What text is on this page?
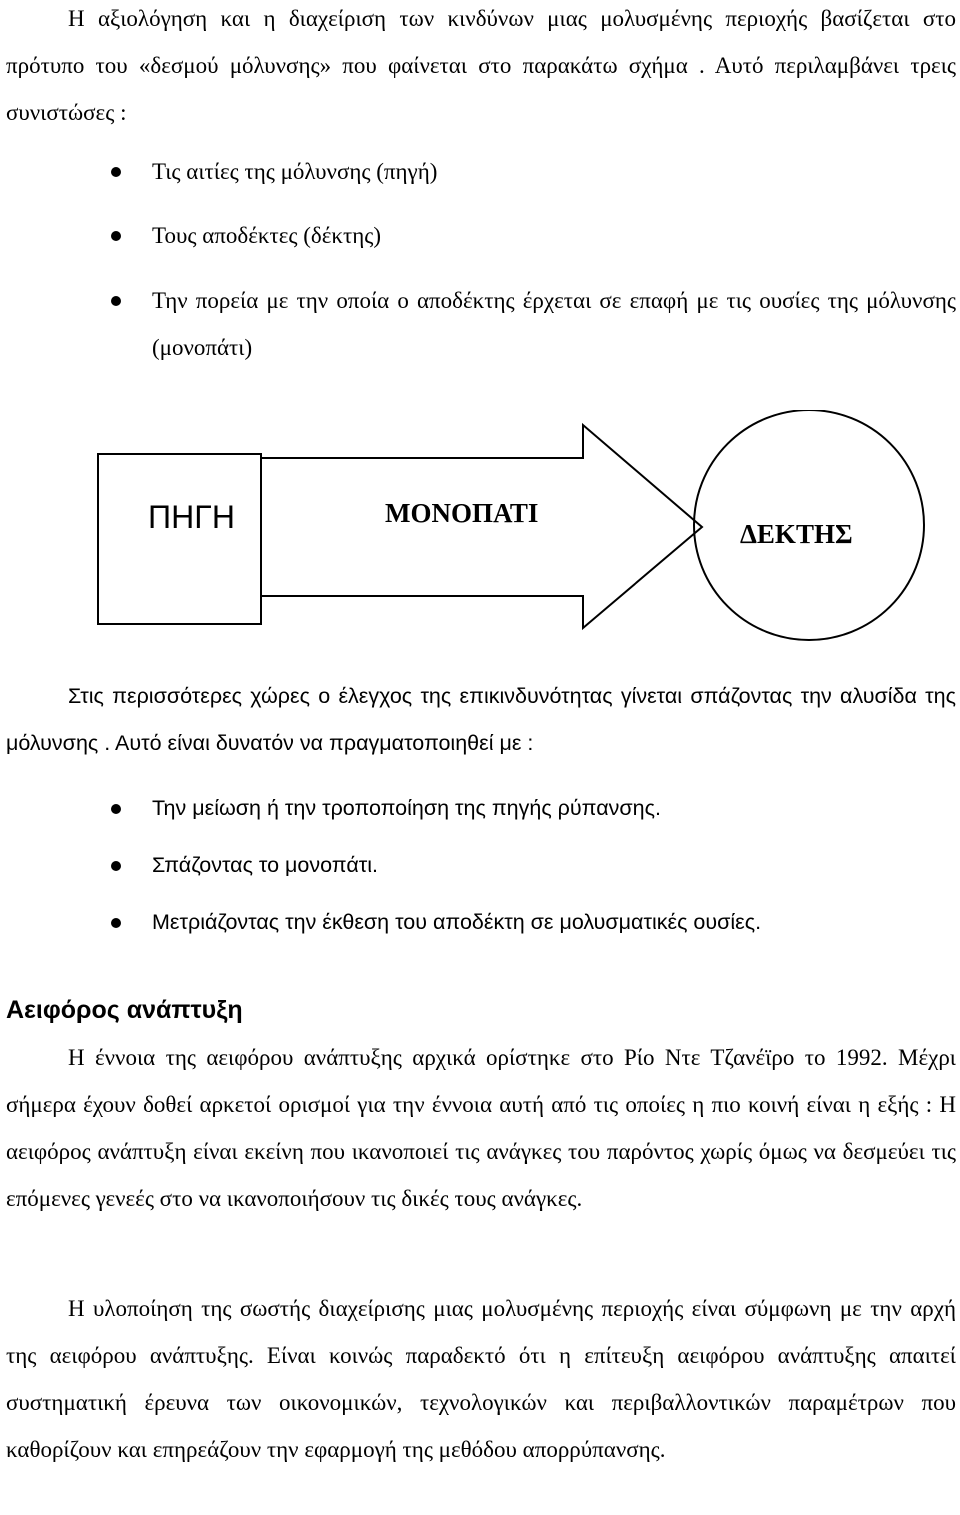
Η αξιολόγηση και η διαχείριση των κινδύνων μιας μολυσμένης περιοχής βασίζεται στο πρότυπο του «δεσμού μόλυνσης» που φαίνεται στο παρακάτω σχήμα . Αυτό περιλαμβάνει τρεις συνιστώσες :

Τις αιτίες της μόλυνσης (πηγή)
Τους αποδέκτες (δέκτης)
Την πορεία με την οποία ο αποδέκτης έρχεται σε επαφή με τις ουσίες της μόλυνσης (μονοπάτι)
ΠΗΓΗ	ΜΟΝΟΠΑΤΙ
ΔΕΚΤΗΣ

Στις περισσότερες χώρες ο έλεγχος της επικινδυνότητας γίνεται σπάζοντας την αλυσίδα της μόλυνσης . Αυτό είναι δυνατόν να πραγματοποιηθεί με :

Την μείωση ή την τροποποίηση της πηγής ρύπανσης.
Σπάζοντας το μονοπάτι.
Μετριάζοντας την έκθεση του αποδέκτη σε μολυσματικές ουσίες.
Αειφόρος ανάπτυξη

Η έννοια της αειφόρου ανάπτυξης αρχικά ορίστηκε στο Ρίο Ντε Τζανέϊρο το 1992. Μέχρι σήμερα έχουν δοθεί αρκετοί ορισμοί για την έννοια αυτή από τις οποίες η πιο κοινή είναι η εξής : Η αειφόρος ανάπτυξη είναι εκείνη που ικανοποιεί τις ανάγκες του παρόντος χωρίς όμως να δεσμεύει τις επόμενες γενεές στο να ικανοποιήσουν τις δικές τους ανάγκες.

Η υλοποίηση της σωστής διαχείρισης μιας μολυσμένης περιοχής είναι σύμφωνη με την αρχή της αειφόρου ανάπτυξης. Είναι κοινώς παραδεκτό ότι η επίτευξη αειφόρου ανάπτυξης απαιτεί συστηματική έρευνα των οικονομικών, τεχνολογικών και περιβαλλοντικών παραμέτρων που καθορίζουν και επηρεάζουν την εφαρμογή της μεθόδου απορρύπανσης.
